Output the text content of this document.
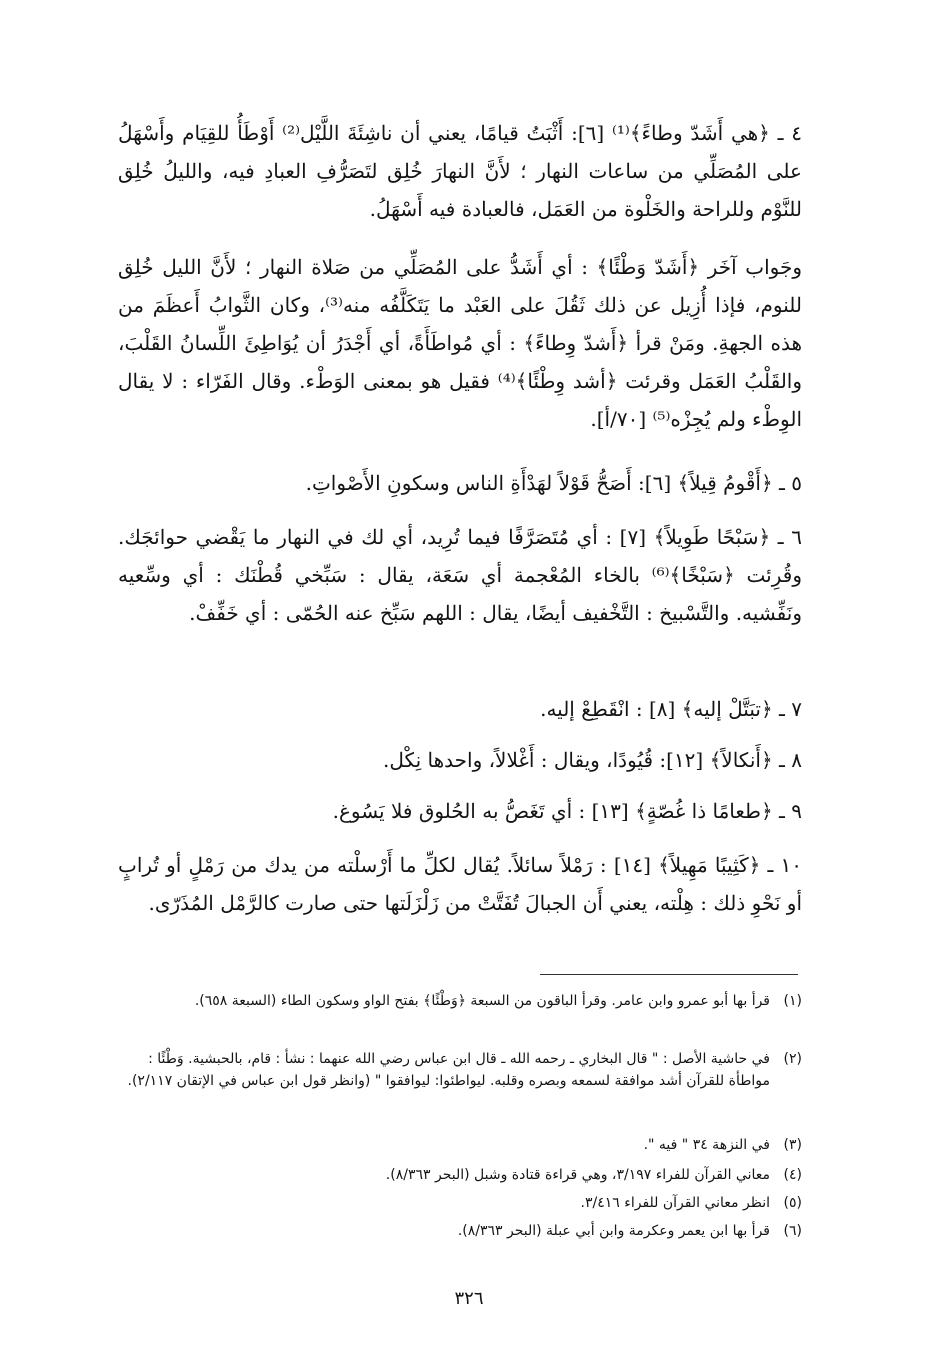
٤ ـ ﴿هي أَشَدّ وطاءً﴾⁽¹⁾ [٦]: أَثْبَتُ قيامًا، يعني أن ناشِئَةَ اللَّيْل⁽²⁾ أَوْطَأُ للقِيَام وأَسْهَلُ على المُصَلِّي من ساعات النهار ؛ لأَنَّ النهارَ خُلِق لتَصَرُّفِ العبادِ فيه، والليلُ خُلِق للنَّوْم وللراحة والخَلْوة من العَمَل، فالعبادة فيه أَسْهَلُ.
وجَواب آخَر ﴿أَشَدّ وَطْئًا﴾ : أي أَشَدُّ على المُصَلِّي من صَلاة النهار ؛ لأَنَّ الليل خُلِق للنوم، فإذا أُزِيل عن ذلك ثَقُلَ على العَبْد ما يَتَكَلَّفُه منه⁽³⁾، وكان الثَّوابُ أَعظَمَ من هذه الجهةِ. ومَنْ قرأ ﴿أَشدّ وِطاءً﴾ : أي مُواطَأَةً، أي أَجْدَرُ أن يُوَاطِئَ اللِّسانُ القَلْبَ، والقَلْبُ العَمَل وقرئت ﴿أشد وِطْئًا﴾⁽⁴⁾ فقيل هو بمعنى الوَطْء. وقال الفَرّاء : لا يقال الوِطْء ولم يُجِزْه⁽⁵⁾ [٧٠/أ].
٥ ـ ﴿أَقْومُ قِيلاً﴾ [٦]: أَصَحُّ قَوْلاً لهَدْأَةِ الناس وسكونِ الأَصْواتِ.
٦ ـ ﴿سَبْحًا طَوِيلاً﴾ [٧] : أي مُتَصَرَّفًا فيما تُرِيد، أي لك في النهار ما يَقْضي حوائجَك. وقُرِئت ﴿سَبْخًا﴾⁽⁶⁾ بالخاء المُعْجمة أي سَعَة، يقال : سَبِّخي قُطْنَك : أي وسِّعيه ونَفِّشيه. والتَّسْبيخ : التَّخْفيف أيضًا، يقال : اللهم سَبِّخ عنه الحُمّى : أي خَفِّفْ.
٧ ـ ﴿تبَتَّلْ إليه﴾ [٨] : انْقَطِعْ إليه.
٨ ـ ﴿أَنكالاً﴾ [١٢]: قُيُودًا، ويقال : أَغْلالاً، واحدها نِكْل.
٩ ـ ﴿طعامًا ذا غُصّةٍ﴾ [١٣] : أي تَغَصُّ به الحُلوق فلا يَسُوغ.
١٠ ـ ﴿كَثِيبًا مَهِيلاً﴾ [١٤] : رَمْلاً سائلاً. يُقال لكلِّ ما أَرْسلْته من يدك من رَمْلٍ أو تُرابٍ أو نَحْوِ ذلك : هِلْته، يعني أَن الجبالَ تُفَتَّتْ من زَلْزَلَتها حتى صارت كالرَّمْل المُذَرّى.
(١)
قرأ بها أبو عمرو وابن عامر. وقرأ الباقون من السبعة ﴿وَطْئًا﴾ بفتح الواو وسكون الطاء (السبعة ٦٥٨).
(٢)
في حاشية الأصل : " قال البخاري ـ رحمه الله ـ قال ابن عباس رضي الله عنهما : نشأ : قام، بالحبشية. وَطْئًا : مواطأة للقرآن أشد موافقة لسمعه وبصره وقلبه. ليواطئوا: ليوافقوا " (وانظر قول ابن عباس في الإتقان ٢/١١٧).
(٣)
في النزهة ٣٤ " فيه ".
(٤)
معاني القرآن للفراء ٣/١٩٧، وهي قراءة قتادة وشبل (البحر ٨/٣٦٣).
(٥)
انظر معاني القرآن للفراء ٣/٤١٦.
(٦)
قرأ بها ابن يعمر وعكرمة وابن أبي عبلة (البحر ٨/٣٦٣).
٣٢٦
